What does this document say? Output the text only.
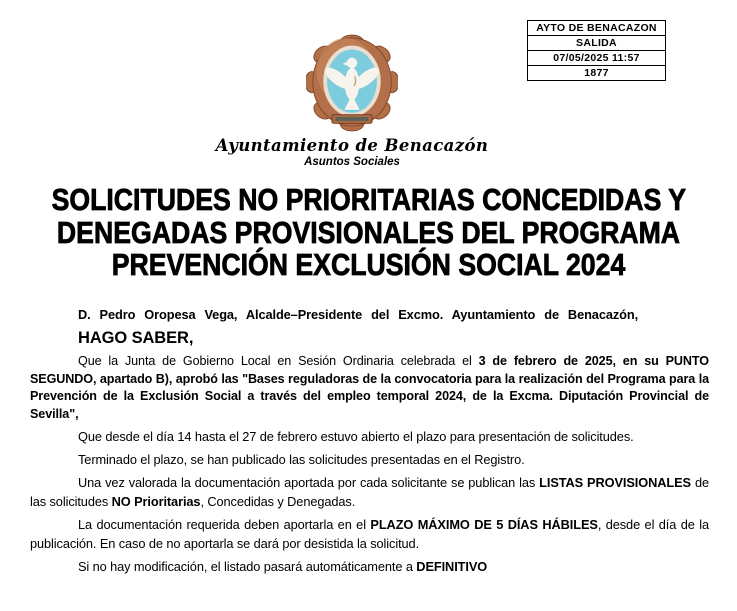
AYTO DE BENACAZON
SALIDA
07/05/2025 11:57
1877
Ayuntamiento de Benacazón
Asuntos Sociales
SOLICITUDES NO PRIORITARIAS CONCEDIDAS Y
DENEGADAS PROVISIONALES DEL PROGRAMA
PREVENCIÓN EXCLUSIÓN SOCIAL 2024

D. Pedro Oropesa Vega, Alcalde–Presidente del Excmo. Ayuntamiento de Benacazón,

HAGO SABER,

Que la Junta de Gobierno Local en Sesión Ordinaria celebrada el 3 de febrero de 2025, en su PUNTO SEGUNDO, apartado B), aprobó las "Bases reguladoras de la convocatoria para la realización del Programa para la Prevención de la Exclusión Social a través del empleo temporal 2024, de la Excma. Diputación Provincial de Sevilla",

Que desde el día 14 hasta el 27 de febrero estuvo abierto el plazo para presentación de solicitudes.

Terminado el plazo, se han publicado las solicitudes presentadas en el Registro.

Una vez valorada la documentación aportada por cada solicitante se publican las LISTAS PROVISIONALES de las solicitudes NO Prioritarias, Concedidas y Denegadas.

La documentación requerida deben aportarla en el PLAZO MÁXIMO DE 5 DÍAS HÁBILES, desde el día de la publicación. En caso de no aportarla se dará por desistida la solicitud.

Si no hay modificación, el listado pasará automáticamente a DEFINITIVO
